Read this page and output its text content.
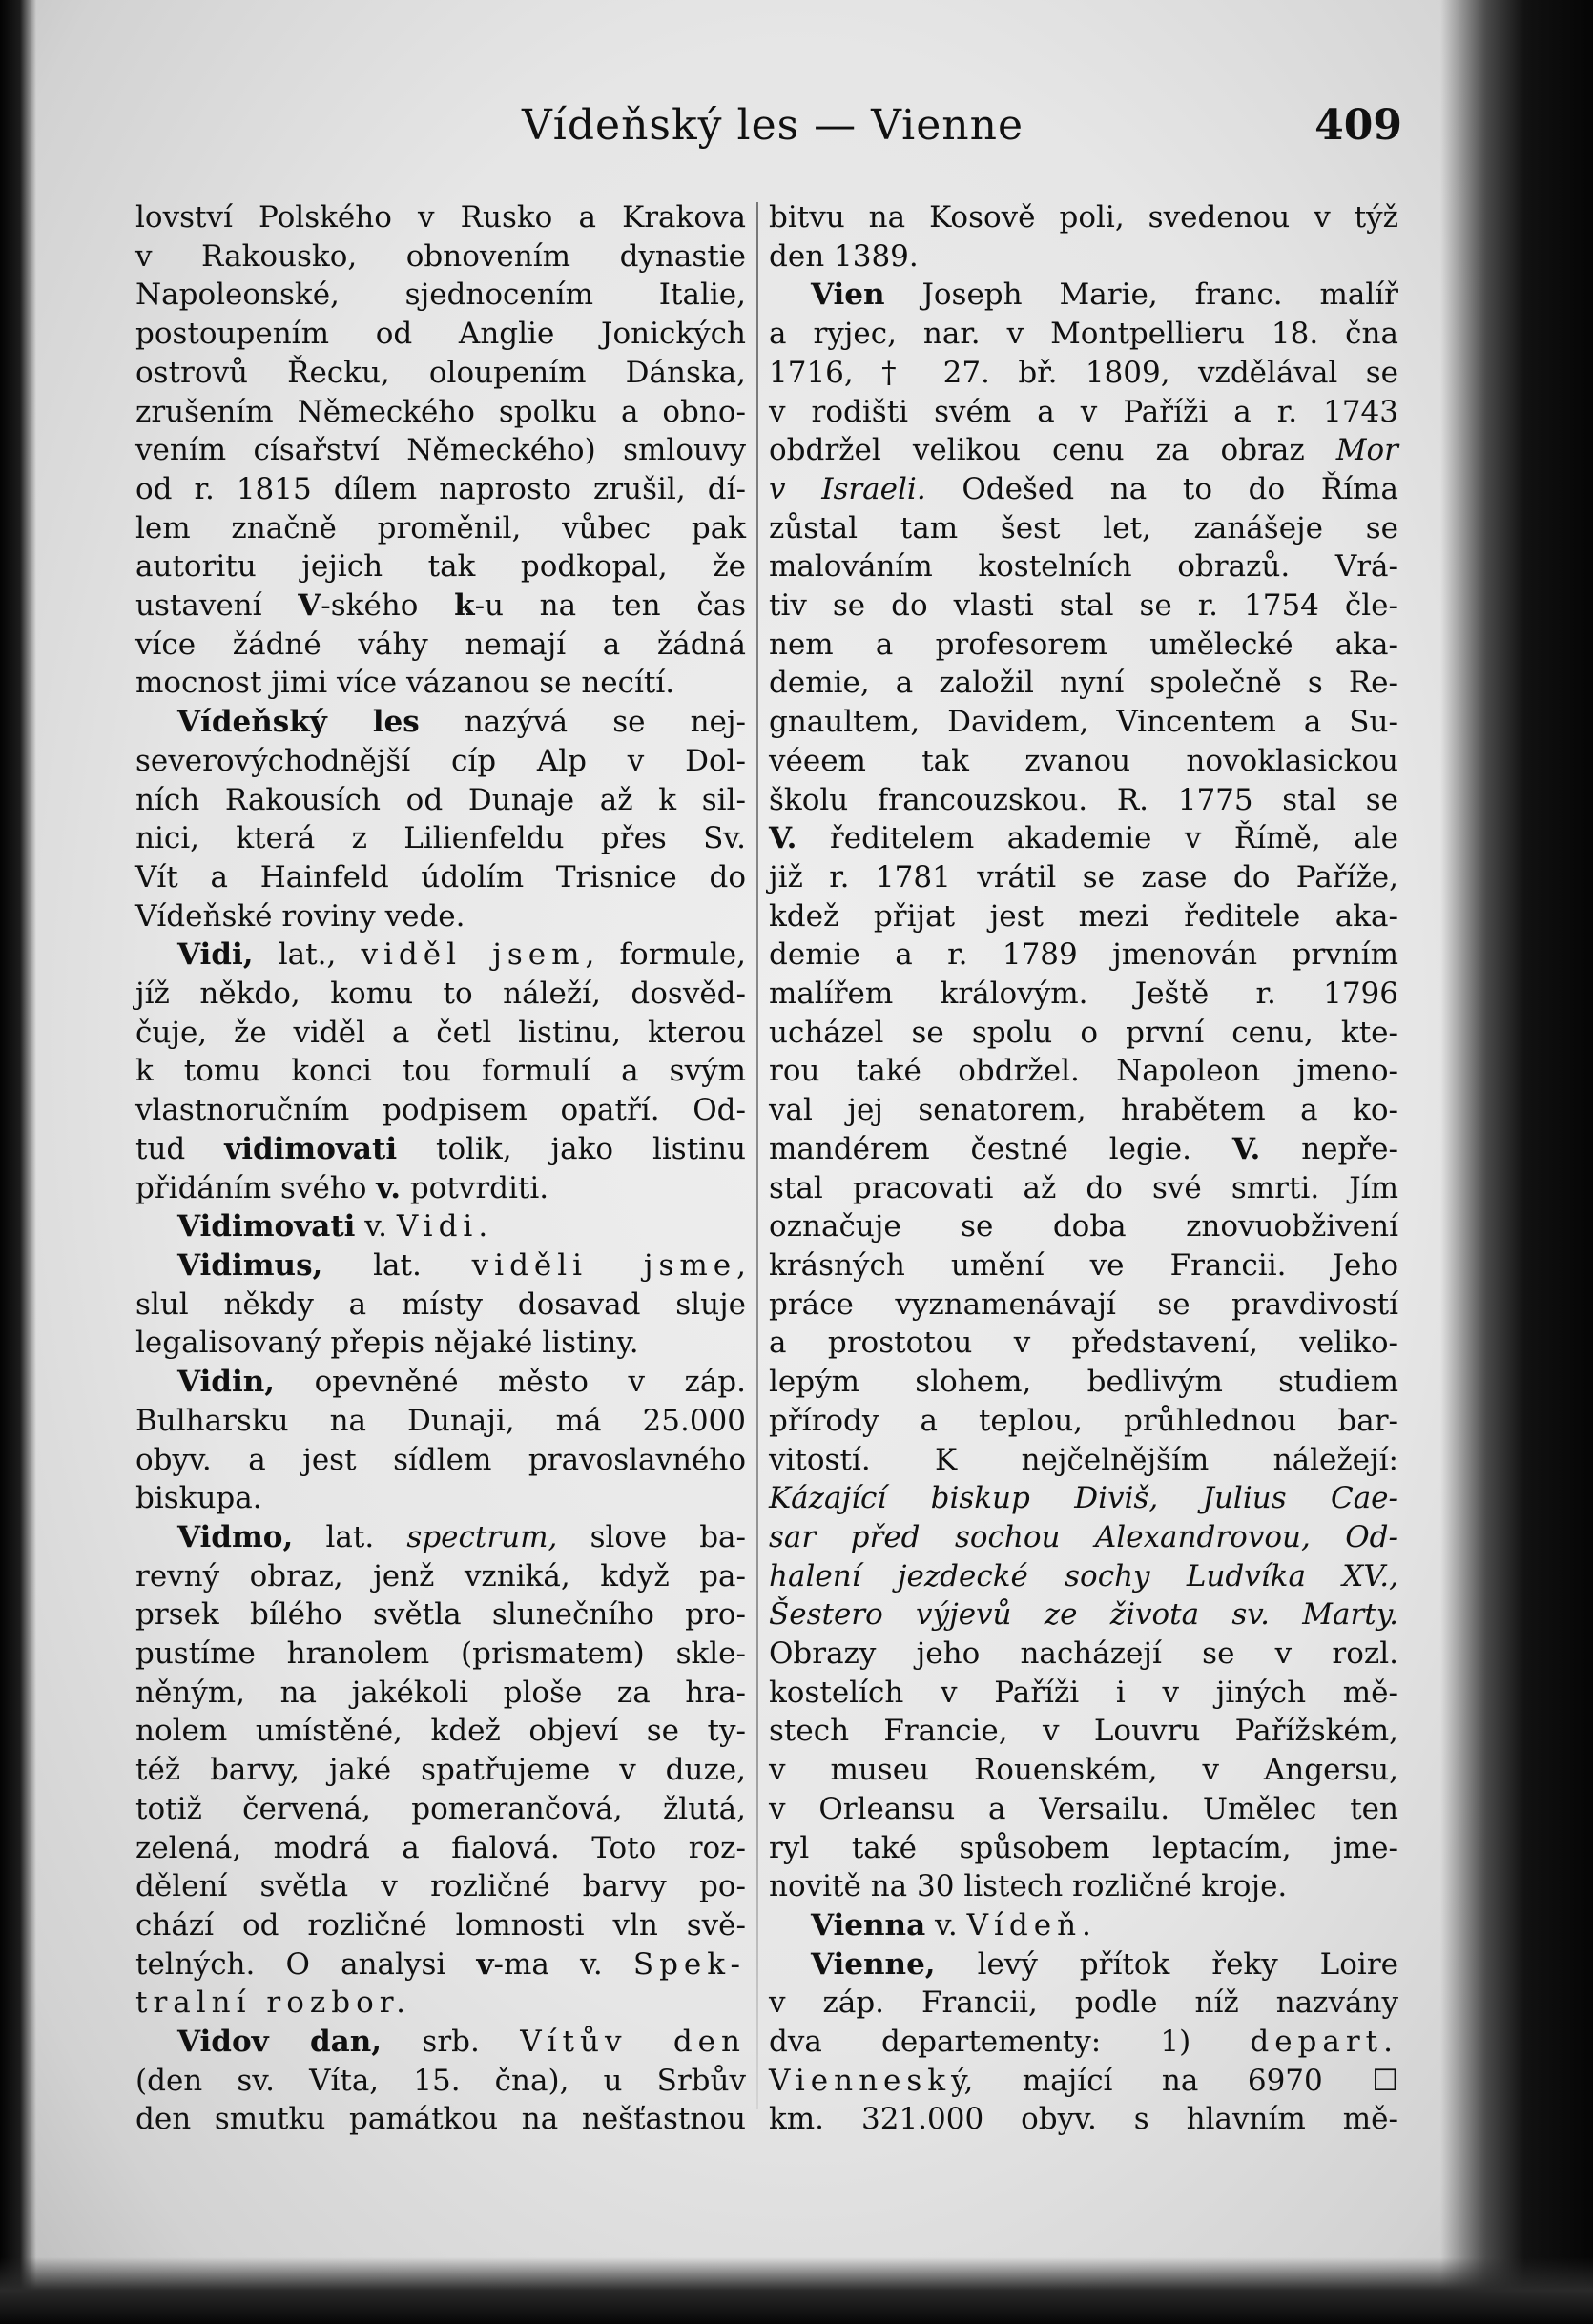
Vídeňský les — Vienne	409
lovství Polského v Rusko a Krakova
v Rakousko, obnovením dynastie
Napoleonské, sjednocením Italie,
postoupením od Anglie Jonických
ostrovů Řecku, oloupením Dánska,
zrušením Německého spolku a obno-
vením císařství Německého) smlouvy
od r. 1815 dílem naprosto zrušil, dí-
lem značně proměnil, vůbec pak
autoritu jejich tak podkopal, že
ustavení V-ského k-u na ten čas
více žádné váhy nemají a žádná
mocnost jimi více vázanou se necítí.
Vídeňský les nazývá se nej-
severovýchodnější cíp Alp v Dol-
ních Rakousích od Dunaje až k sil-
nici, která z Lilienfeldu přes Sv.
Vít a Hainfeld údolím Trisnice do
Vídeňské roviny vede.
Vidi, lat., viděl jsem, formule,
jíž někdo, komu to náleží, dosvěd-
čuje, že viděl a četl listinu, kterou
k tomu konci tou formulí a svým
vlastnoručním podpisem opatří. Od-
tud vidimovati tolik, jako listinu
přidáním svého v. potvrditi.
Vidimovati v. Vidi.
Vidimus, lat. viděli jsme,
slul někdy a místy dosavad sluje
legalisovaný přepis nějaké listiny.
Vidin, opevněné město v záp.
Bulharsku na Dunaji, má 25.000
obyv. a jest sídlem pravoslavného
biskupa.
Vidmo, lat. spectrum, slove ba-
revný obraz, jenž vzniká, když pa-
prsek bílého světla slunečního pro-
pustíme hranolem (prismatem) skle-
něným, na jakékoli ploše za hra-
nolem umístěné, kdež objeví se ty-
též barvy, jaké spatřujeme v duze,
totiž červená, pomerančová, žlutá,
zelená, modrá a fialová. Toto roz-
dělení světla v rozličné barvy po-
chází od rozličné lomnosti vln svě-
telných. O analysi v-ma v. Spek-
tralní rozbor.
Vidov dan, srb. Vítův den
(den sv. Víta, 15. čna), u Srbův
den smutku památkou na nešťastnou
bitvu na Kosově poli, svedenou v týž
den 1389.
Vien Joseph Marie, franc. malíř
a ryjec, nar. v Montpellieru 18. čna
1716, † 27. bř. 1809, vzdělával se
v rodišti svém a v Paříži a r. 1743
obdržel velikou cenu za obraz Mor
v Israeli. Odešed na to do Říma
zůstal tam šest let, zanášeje se
malováním kostelních obrazů. Vrá-
tiv se do vlasti stal se r. 1754 čle-
nem a profesorem umělecké aka-
demie, a založil nyní společně s Re-
gnaultem, Davidem, Vincentem a Su-
véeem tak zvanou novoklasickou
školu francouzskou. R. 1775 stal se
V. ředitelem akademie v Římě, ale
již r. 1781 vrátil se zase do Paříže,
kdež přijat jest mezi ředitele aka-
demie a r. 1789 jmenován prvním
malířem královým. Ještě r. 1796
ucházel se spolu o první cenu, kte-
rou také obdržel. Napoleon jmeno-
val jej senatorem, hrabětem a ko-
mandérem čestné legie. V. nepře-
stal pracovati až do své smrti. Jím
označuje se doba znovuobživení
krásných umění ve Francii. Jeho
práce vyznamenávají se pravdivostí
a prostotou v představení, veliko-
lepým slohem, bedlivým studiem
přírody a teplou, průhlednou bar-
vitostí. K nejčelnějším náležejí:
Kázající biskup Diviš, Julius Cae-
sar před sochou Alexandrovou, Od-
halení jezdecké sochy Ludvíka XV.,
Šestero výjevů ze života sv. Marty.
Obrazy jeho nacházejí se v rozl.
kostelích v Paříži i v jiných mě-
stech Francie, v Louvru Pařížském,
v museu Rouenském, v Angersu,
v Orleansu a Versailu. Umělec ten
ryl také spůsobem leptacím, jme-
novitě na 30 listech rozličné kroje.
Vienna v. Vídeň.
Vienne, levý přítok řeky Loire
v záp. Francii, podle níž nazvány
dva departementy: 1) depart.
Vienneský, mající na 6970 ☐
km. 321.000 obyv. s hlavním mě-
